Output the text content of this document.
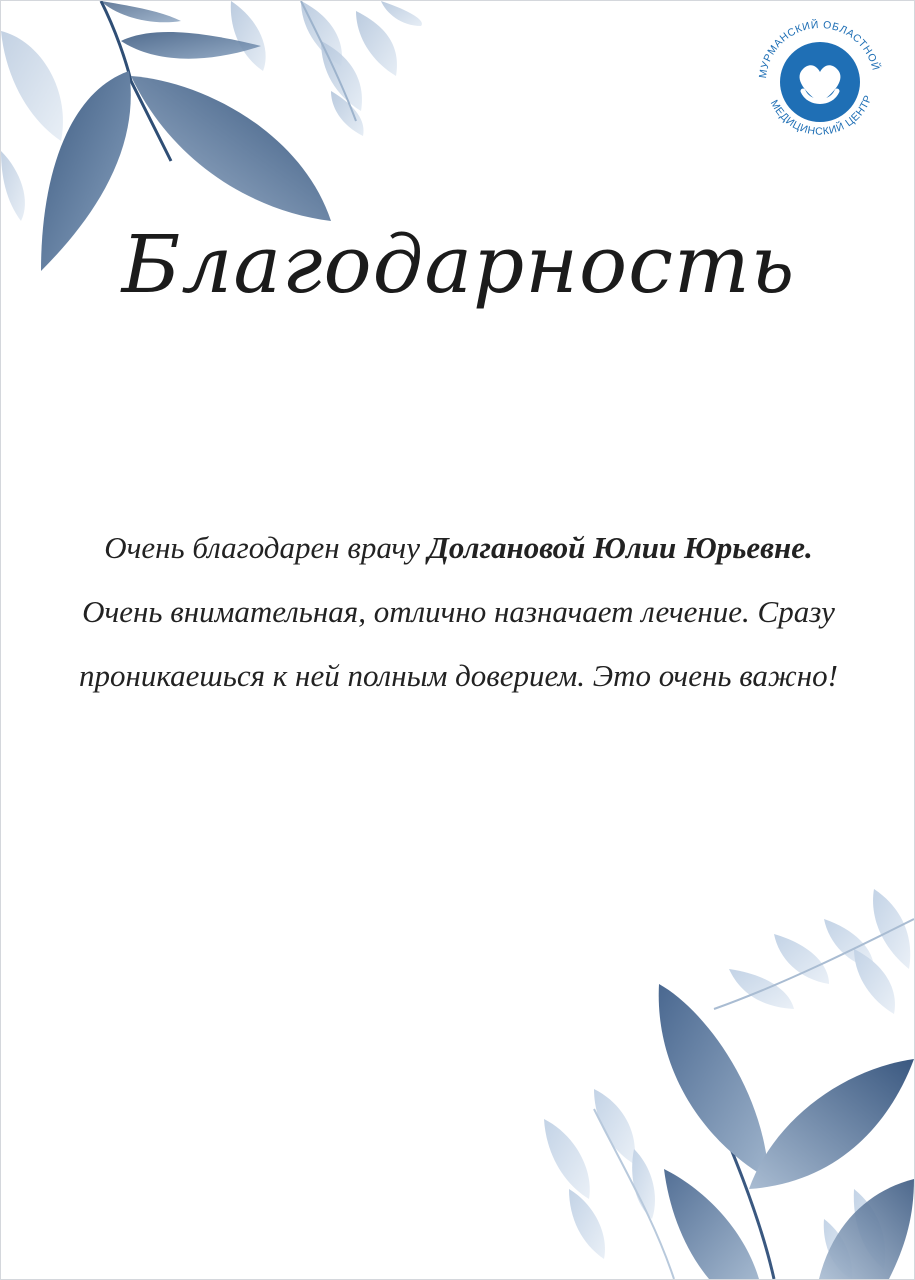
МУРМАНСКИЙ ОБЛАСТНОЙ
МЕДИЦИНСКИЙ ЦЕНТР
Благодарность
Очень благодарен врачу Долгановой Юлии Юрьевне.
Очень внимательная, отлично назначает лечение. Сразу
проникаешься к ней полным доверием. Это очень важно!
